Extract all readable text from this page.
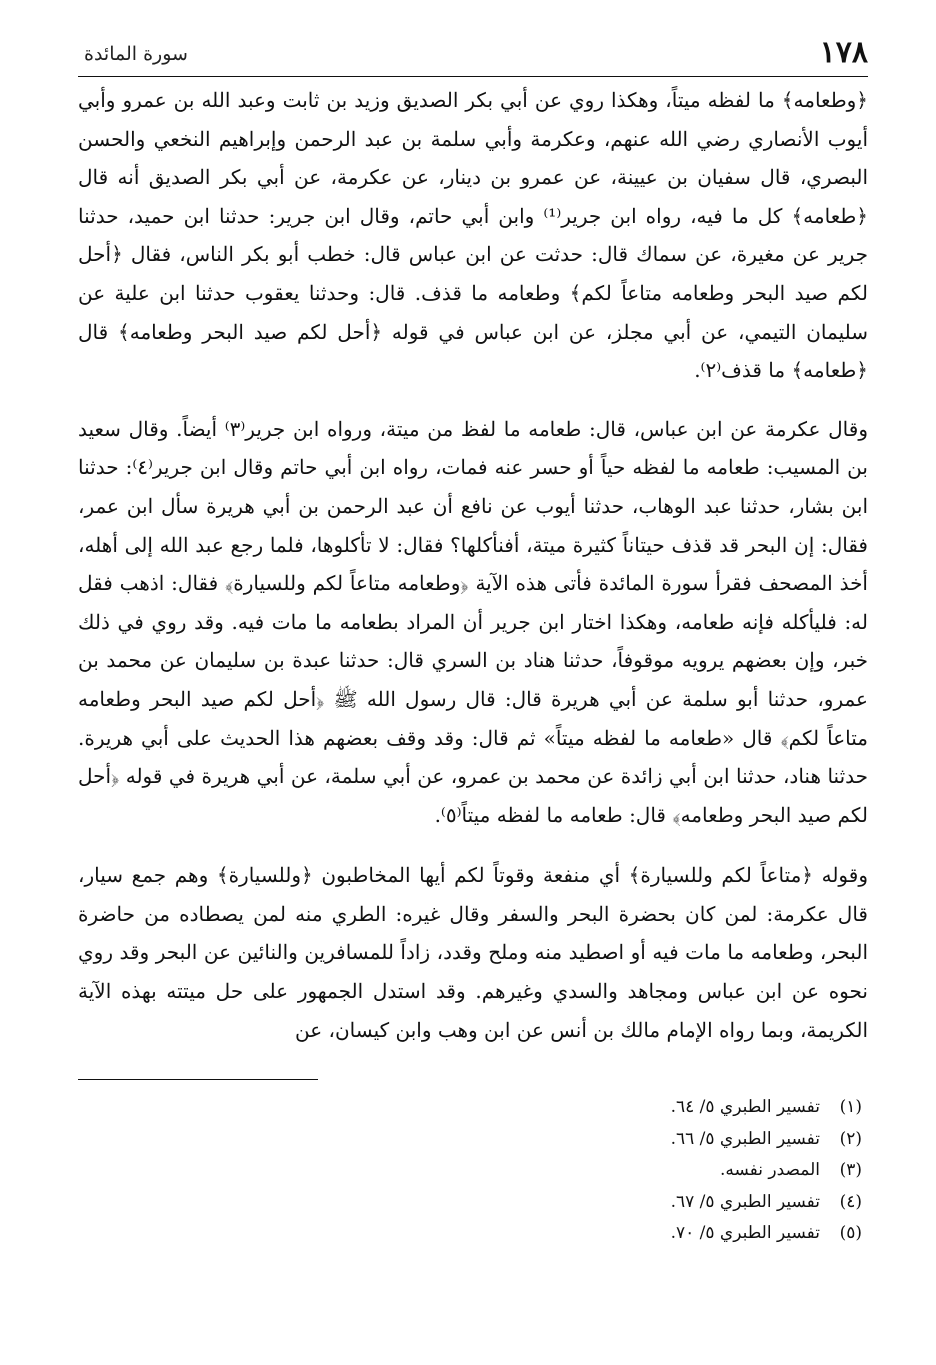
١٧٨
سورة المائدة

﴿وطعامه﴾ ما لفظه ميتاً، وهكذا روي عن أبي بكر الصديق وزيد بن ثابت وعبد الله بن عمرو وأبي أيوب الأنصاري رضي الله عنهم، وعكرمة وأبي سلمة بن عبد الرحمن وإبراهيم النخعي والحسن البصري، قال سفيان بن عيينة، عن عمرو بن دينار، عن عكرمة، عن أبي بكر الصديق أنه قال ﴿طعامه﴾ كل ما فيه، رواه ابن جرير⁽¹⁾ وابن أبي حاتم، وقال ابن جرير: حدثنا ابن حميد، حدثنا جرير عن مغيرة، عن سماك قال: حدثت عن ابن عباس قال: خطب أبو بكر الناس، فقال ﴿أحل لكم صيد البحر وطعامه متاعاً لكم﴾ وطعامه ما قذف. قال: وحدثنا يعقوب حدثنا ابن علية عن سليمان التيمي، عن أبي مجلز، عن ابن عباس في قوله ﴿أحل لكم صيد البحر وطعامه﴾ قال ﴿طعامه﴾ ما قذف⁽٢⁾.

وقال عكرمة عن ابن عباس، قال: طعامه ما لفظ من ميتة، ورواه ابن جرير⁽٣⁾ أيضاً. وقال سعيد بن المسيب: طعامه ما لفظه حياً أو حسر عنه فمات، رواه ابن أبي حاتم وقال ابن جرير⁽٤⁾: حدثنا ابن بشار، حدثنا عبد الوهاب، حدثنا أيوب عن نافع أن عبد الرحمن بن أبي هريرة سأل ابن عمر، فقال: إن البحر قد قذف حيتاناً كثيرة ميتة، أفنأكلها؟ فقال: لا تأكلوها، فلما رجع عبد الله إلى أهله، أخذ المصحف فقرأ سورة المائدة فأتى هذه الآية ﴿وطعامه متاعاً لكم وللسيارة﴾ فقال: اذهب فقل له: فليأكله فإنه طعامه، وهكذا اختار ابن جرير أن المراد بطعامه ما مات فيه. وقد روي في ذلك خبر، وإن بعضهم يرويه موقوفاً، حدثنا هناد بن السري قال: حدثنا عبدة بن سليمان عن محمد بن عمرو، حدثنا أبو سلمة عن أبي هريرة قال: قال رسول الله ﷺ ﴿أحل لكم صيد البحر وطعامه متاعاً لكم﴾ قال «طعامه ما لفظه ميتاً» ثم قال: وقد وقف بعضهم هذا الحديث على أبي هريرة. حدثنا هناد، حدثنا ابن أبي زائدة عن محمد بن عمرو، عن أبي سلمة، عن أبي هريرة في قوله ﴿أحل لكم صيد البحر وطعامه﴾ قال: طعامه ما لفظه ميتاً⁽٥⁾.

وقوله ﴿متاعاً لكم وللسيارة﴾ أي منفعة وقوتاً لكم أيها المخاطبون ﴿وللسيارة﴾ وهم جمع سيار، قال عكرمة: لمن كان بحضرة البحر والسفر وقال غيره: الطري منه لمن يصطاده من حاضرة البحر، وطعامه ما مات فيه أو اصطيد منه وملح وقدد، زاداً للمسافرين والنائين عن البحر وقد روي نحوه عن ابن عباس ومجاهد والسدي وغيرهم. وقد استدل الجمهور على حل ميتته بهذه الآية الكريمة، وبما رواه الإمام مالك بن أنس عن ابن وهب وابن كيسان، عن

(١)
تفسير الطبري ٥/ ٦٤.
(٢)
تفسير الطبري ٥/ ٦٦.
(٣)
المصدر نفسه.
(٤)
تفسير الطبري ٥/ ٦٧.
(٥)
تفسير الطبري ٥/ ٧٠.
